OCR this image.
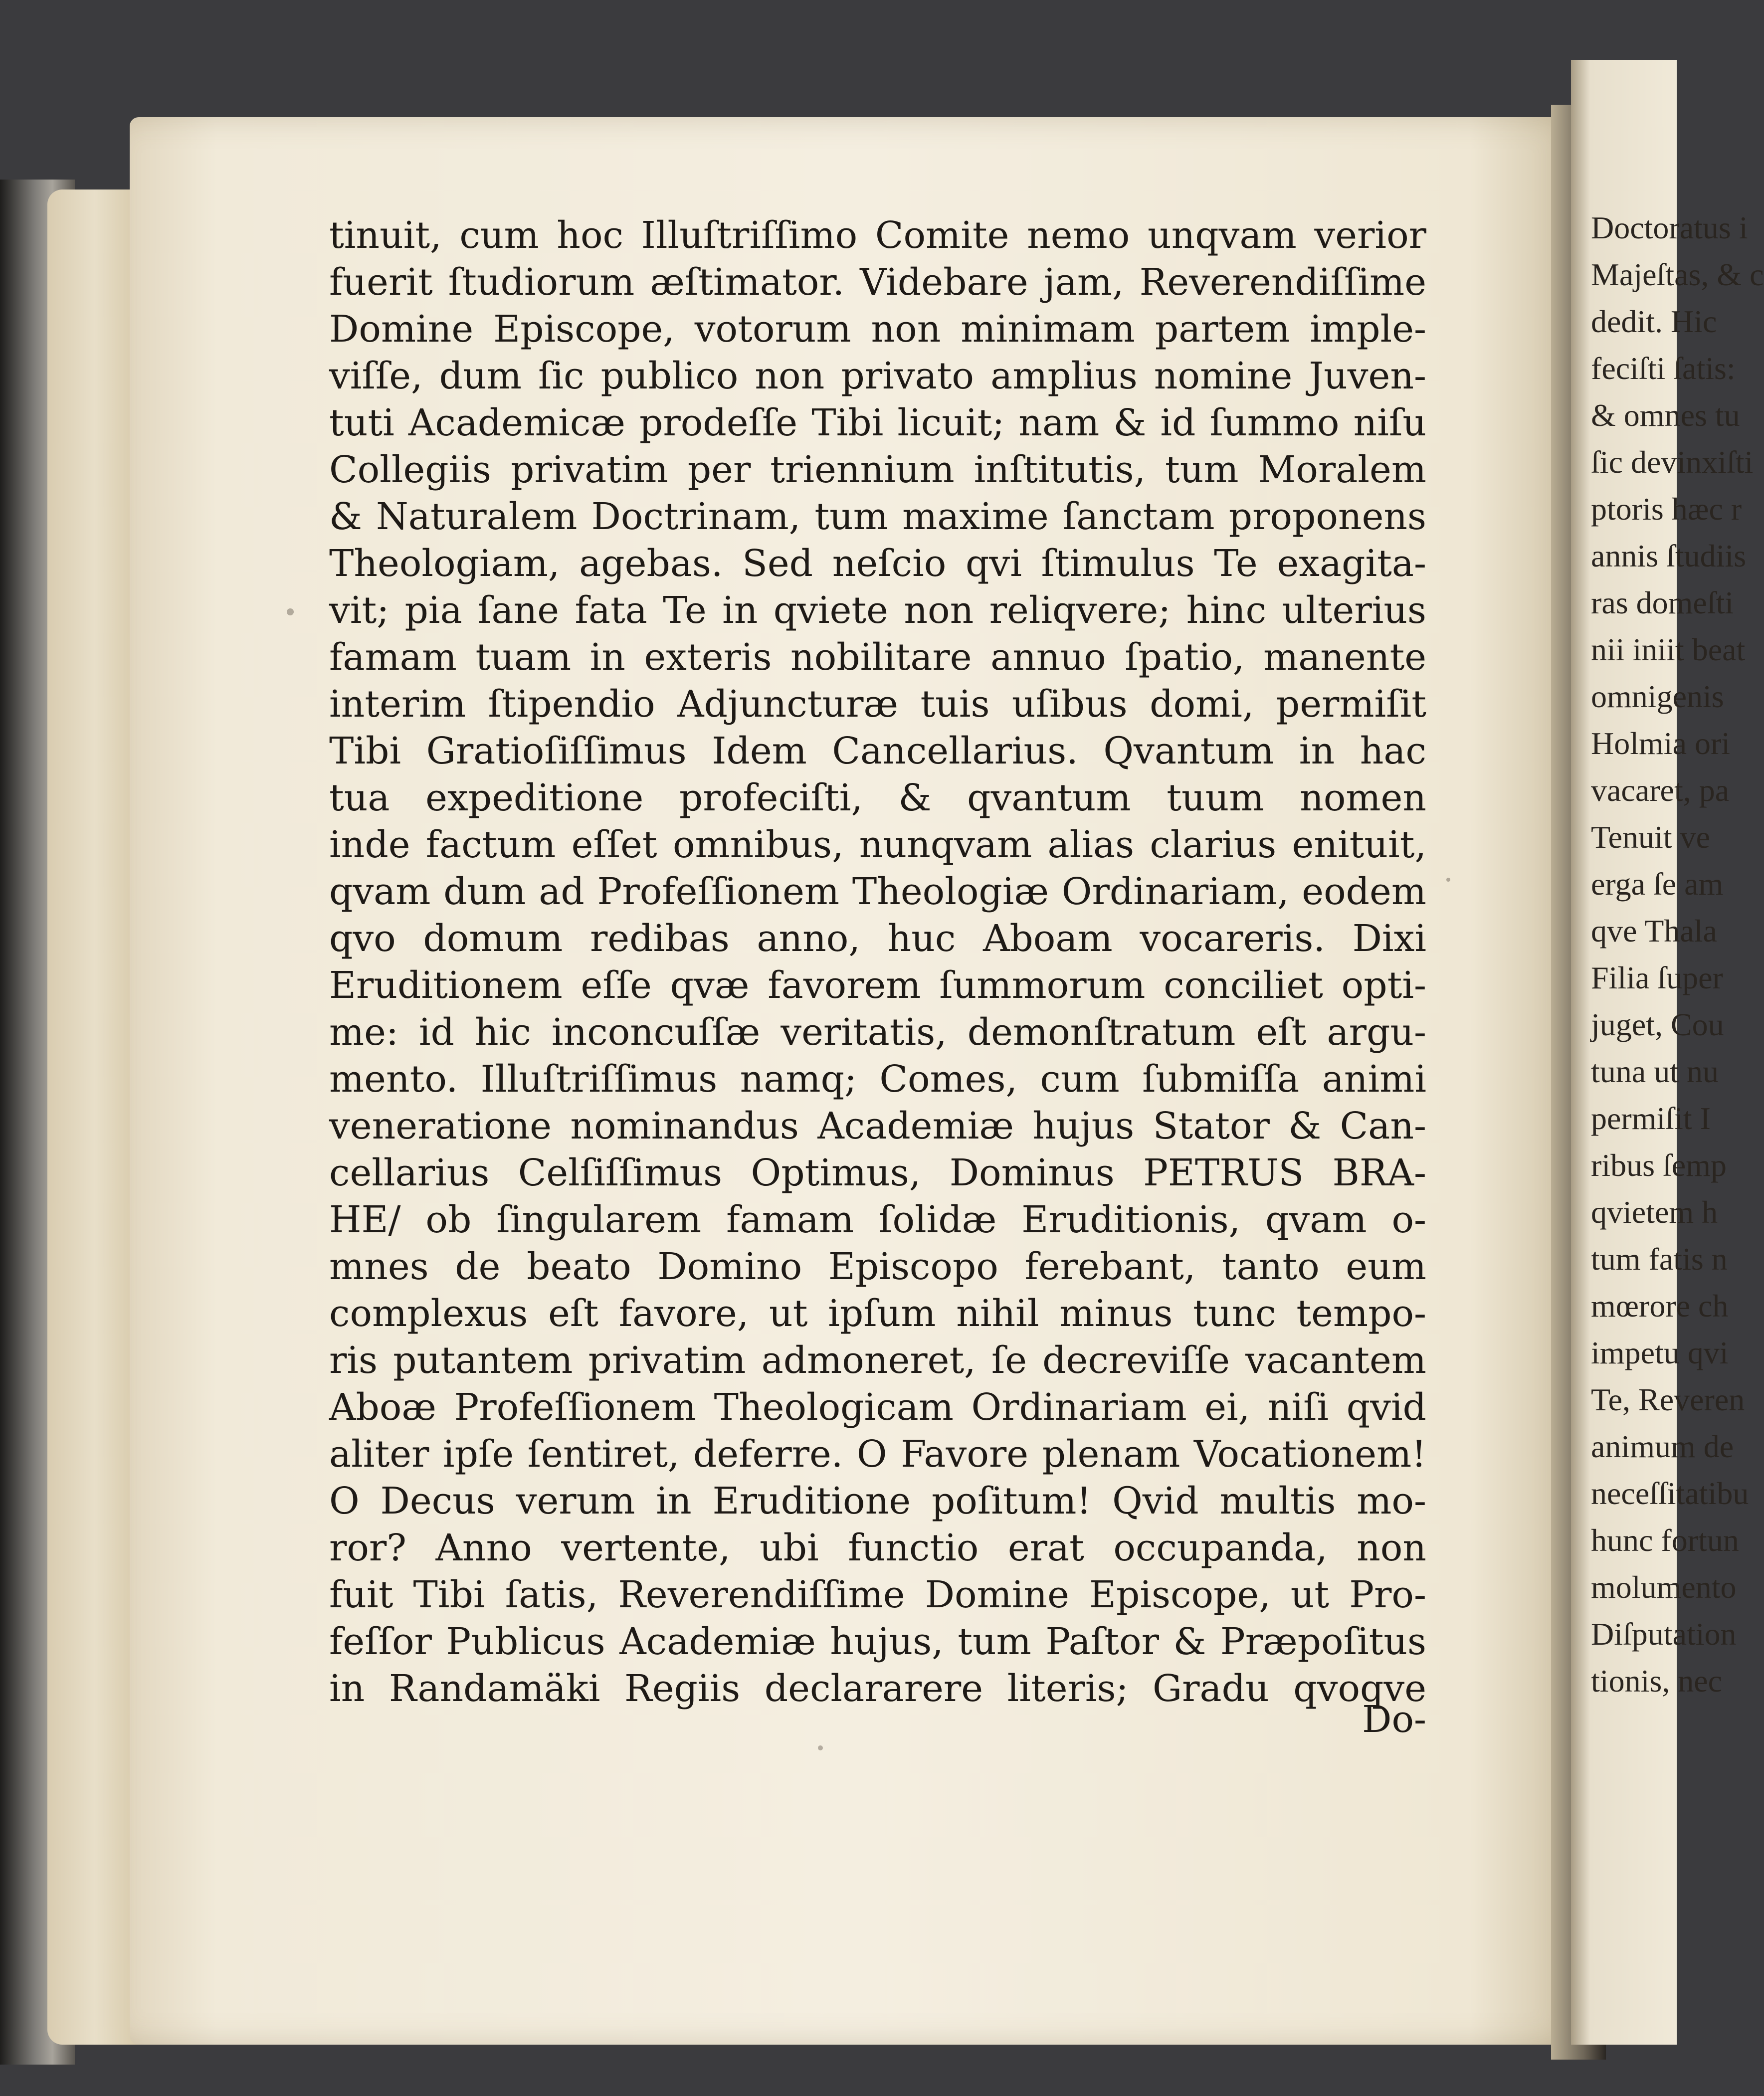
tinuit, cum hoc Illuſtriſſimo Comite nemo unqvam verior
fuerit ſtudiorum æſtimator. Videbare jam, Reverendiſſime
Domine Episcope, votorum non minimam partem imple-
viſſe, dum ſic publico non privato amplius nomine Juven-
tuti Academicæ prodeſſe Tibi licuit; nam & id ſummo niſu
Collegiis privatim per triennium inſtitutis, tum Moralem
& Naturalem Doctrinam, tum maxime ſanctam proponens
Theologiam, agebas. Sed neſcio qvi ſtimulus Te exagita-
vit; pia ſane fata Te in qviete non reliqvere; hinc ulterius
famam tuam in exteris nobilitare annuo ſpatio, manente
interim ſtipendio Adjuncturæ tuis uſibus domi, permiſit
Tibi Gratioſiſſimus Idem Cancellarius. Qvantum in hac
tua expeditione profeciſti, & qvantum tuum nomen
inde factum eſſet omnibus, nunqvam alias clarius enituit,
qvam dum ad Profeſſionem Theologiæ Ordinariam, eodem
qvo domum redibas anno, huc Aboam vocareris. Dixi
Eruditionem eſſe qvæ favorem ſummorum conciliet opti-
me: id hic inconcuſſæ veritatis, demonſtratum eſt argu-
mento. Illuſtriſſimus namq; Comes, cum ſubmiſſa animi
veneratione nominandus Academiæ hujus Stator & Can-
cellarius Celſiſſimus Optimus, Dominus PETRUS BRA-
HE/ ob ſingularem famam ſolidæ Eruditionis, qvam o-
mnes de beato Domino Episcopo ferebant, tanto eum
complexus eſt favore, ut ipſum nihil minus tunc tempo-
ris putantem privatim admoneret, ſe decreviſſe vacantem
Aboæ Profeſſionem Theologicam Ordinariam ei, niſi qvid
aliter ipſe ſentiret, deferre. O Favore plenam Vocationem!
O Decus verum in Eruditione poſitum! Qvid multis mo-
ror? Anno vertente, ubi functio erat occupanda, non
fuit Tibi ſatis, Reverendiſſime Domine Episcope, ut Pro-
feſſor Publicus Academiæ hujus, tum Paſtor & Præpoſitus
in Randamäki Regiis declararere literis; Gradu qvoqve
Do-
Doctoratus i
Majeſtas, & c
dedit. Hic
feciſti ſatis:
& omnes tu
ſic devinxiſti
ptoris hæc r
annis ſtudiis
ras domeſti
nii iniit beat
omnigenis
Holmia ori
vacaret, pa
Tenuit ve
erga ſe am
qve Thala
Filia ſuper
juget, Cou
tuna ut nu
permiſit I
ribus ſemp
qvietem h
tum fatis n
mœrore ch
impetu qvi
Te, Reveren
animum de
neceſſitatibu
hunc fortun
molumento
Diſputation
tionis, nec
